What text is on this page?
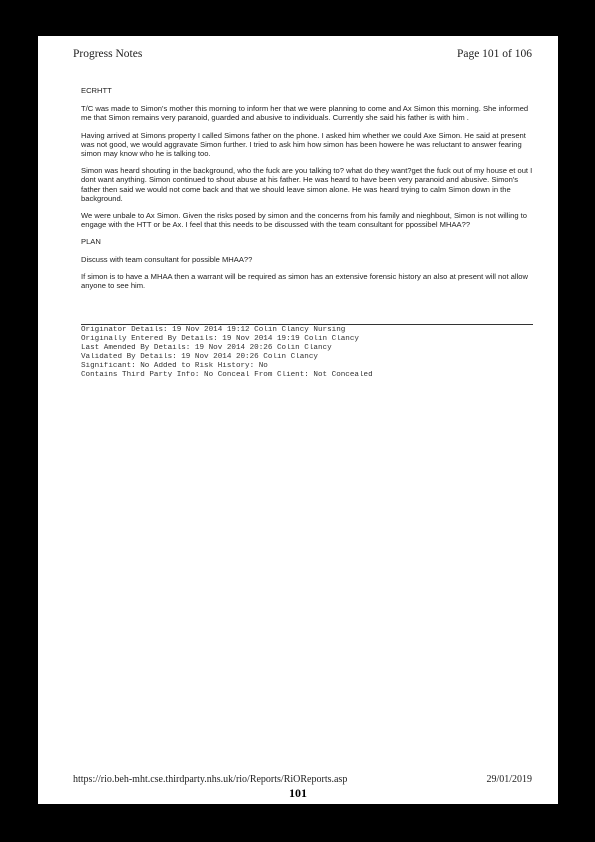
Progress Notes	Page 101 of 106

ECRHTT

T/C was made to Simon's mother this morning to inform her that we were planning to come and Ax Simon this morning. She informed me that Simon remains very paranoid, guarded and abusive to individuals. Currently she said his father is with him .

Having arrived at Simons property I called Simons father on the phone. I asked him whether we could Axe Simon. He said at present was not good, we would aggravate Simon further. I tried to ask him how simon has been howere he was reluctant to answer fearing simon may know who he is talking too.

Simon was heard shouting in the background, who the fuck are you talking to? what do they want?get the fuck out of my house et out I dont want anything. Simon continued to shout abuse at his father. He was heard to have been very paranoid and abusive. Simon's father then said we would not come back and that we should leave simon alone. He was heard trying to calm Simon down in the background.

We were unbale to Ax Simon. Given the risks posed by simon and the concerns from his family and nieghbout, Simon is not willing to engage with the HTT or be Ax. I feel that this needs to be discussed with the team consultant for ppossibel MHAA??

PLAN

Discuss with team consultant for possible MHAA??

If simon is to have a MHAA then a warrant will be required as simon has an extensive forensic history an also at present will not allow anyone to see him.

Originator Details: 19 Nov 2014 19:12 Colin Clancy Nursing
Originally Entered By Details: 19 Nov 2014 19:19 Colin Clancy
Last Amended By Details: 19 Nov 2014 20:26 Colin Clancy
Validated By Details: 19 Nov 2014 20:26 Colin Clancy
Significant: No Added to Risk History: No
Contains Third Party Info: No Conceal From Client: Not Concealed
https://rio.beh-mht.cse.thirdparty.nhs.uk/rio/Reports/RiOReports.asp	29/01/2019
101
